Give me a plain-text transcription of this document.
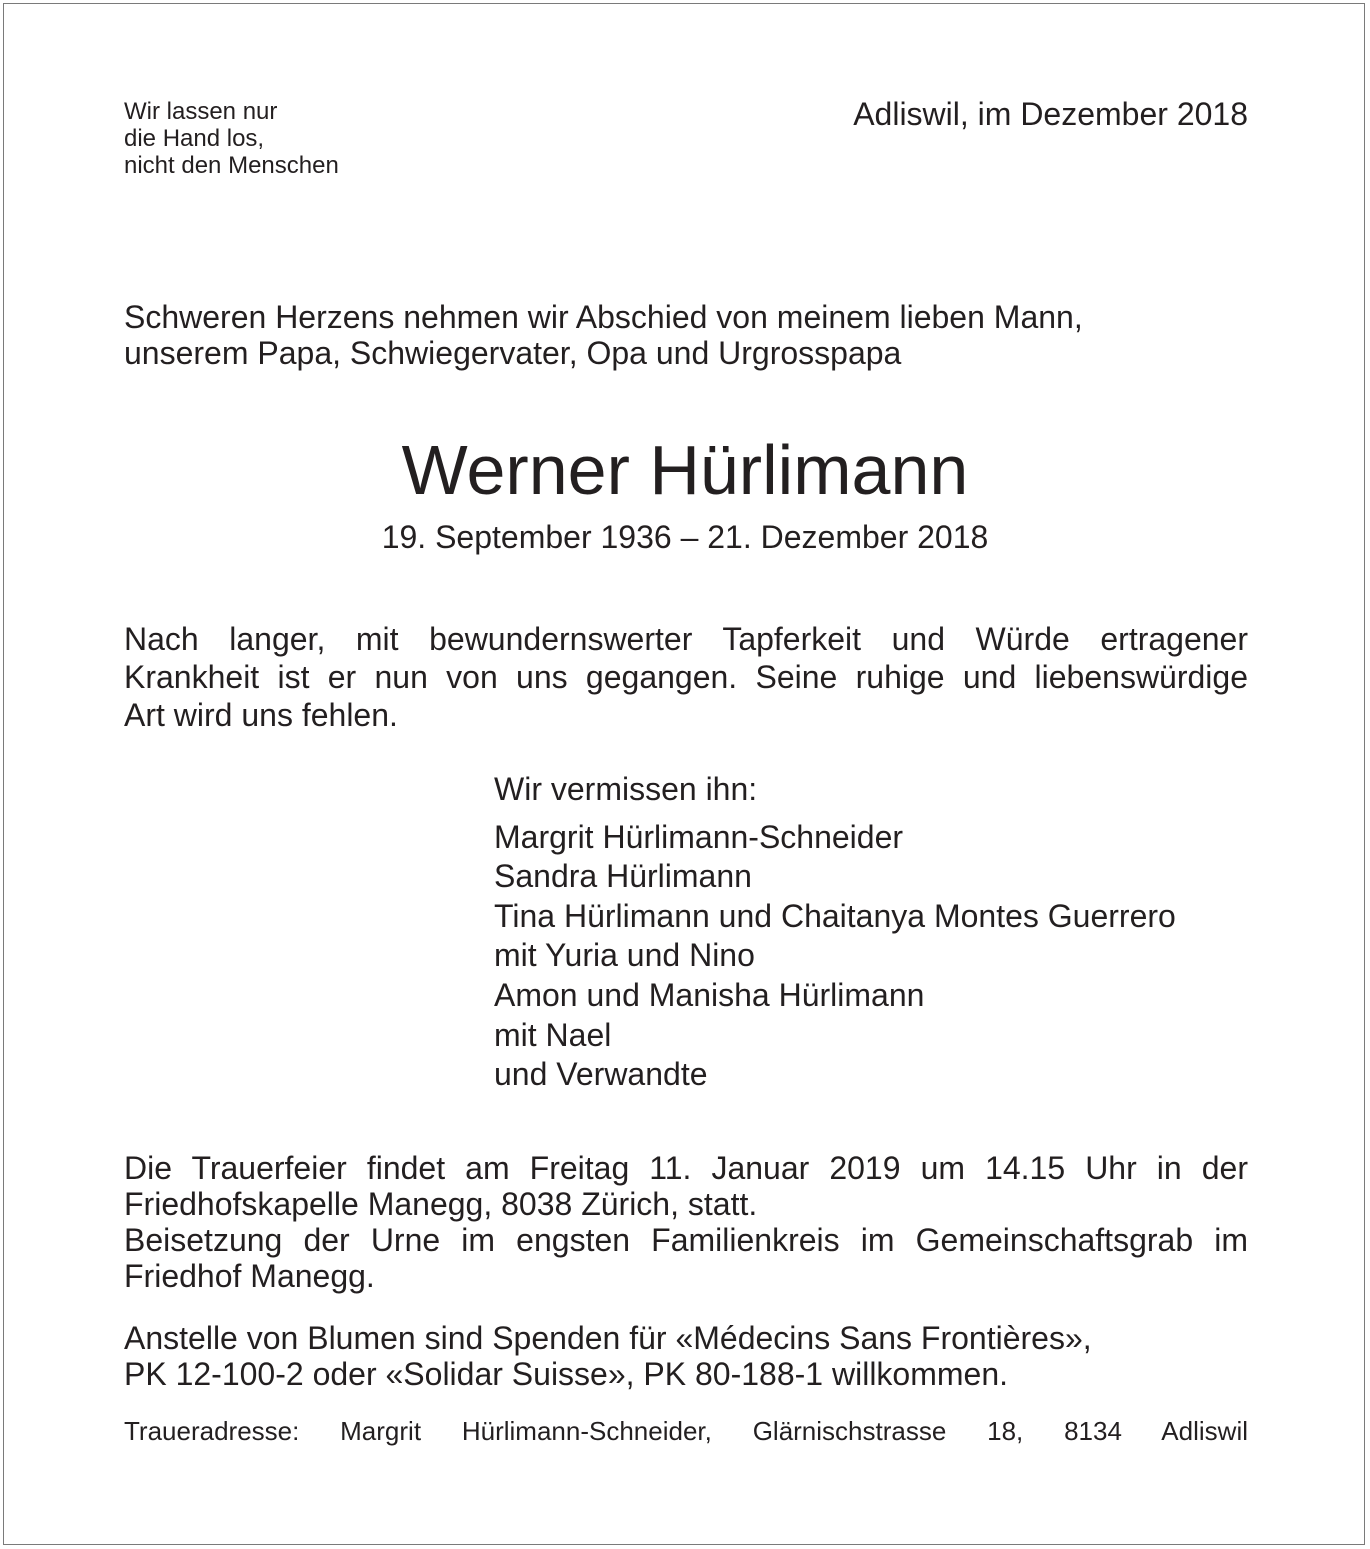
Wir lassen nur
die Hand los,
nicht den Menschen
Adliswil, im Dezember 2018
Schweren Herzens nehmen wir Abschied von meinem lieben Mann,
unserem Papa, Schwiegervater, Opa und Urgrosspapa
Werner Hürlimann
19. September 1936 – 21. Dezember 2018
Nach langer, mit bewundernswerter Tapferkeit und Würde ertragener
Krankheit ist er nun von uns gegangen. Seine ruhige und liebenswürdige
Art wird uns fehlen.
Wir vermissen ihn:
Margrit Hürlimann-Schneider
Sandra Hürlimann
Tina Hürlimann und Chaitanya Montes Guerrero
mit Yuria und Nino
Amon und Manisha Hürlimann
mit Nael
und Verwandte
Die Trauerfeier findet am Freitag 11. Januar 2019 um 14.15 Uhr in der
Friedhofskapelle Manegg, 8038 Zürich, statt.
Beisetzung der Urne im engsten Familienkreis im Gemeinschaftsgrab im
Friedhof Manegg.
Anstelle von Blumen sind Spenden für «Médecins Sans Frontières»,
PK 12-100-2 oder «Solidar Suisse», PK 80-188-1 willkommen.
Traueradresse: Margrit Hürlimann-Schneider, Glärnischstrasse 18, 8134 Adliswil
